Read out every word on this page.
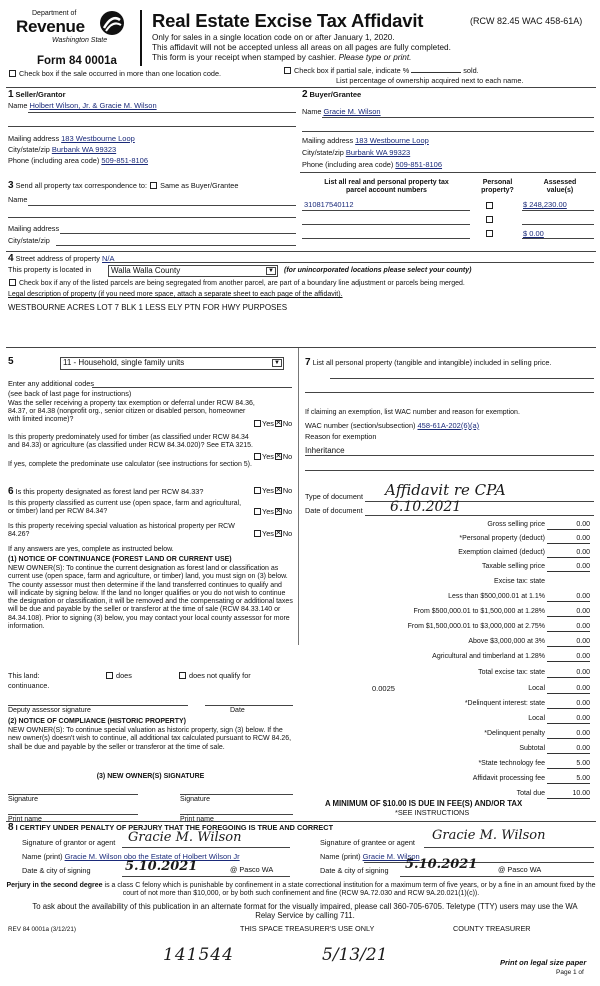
Department of
Revenue
Washington State
Form 84 0001a
Real Estate Excise Tax Affidavit	(RCW 82.45 WAC 458-61A)
Only for sales in a single location code on or after January 1, 2020.
This affidavit will not be accepted unless all areas on all pages are fully completed.
This form is your receipt when stamped by cashier. Please type or print.
Check box if the sale occurred in more than one location code.	Check box if partial sale, indicate %	sold.
List percentage of ownership acquired next to each name.
1 Seller/Grantor
Name Holbert Wilson, Jr. & Gracie M. Wilson
Mailing address 183 Westbourne Loop
City/state/zip Burbank WA 99323
Phone (including area code) 509-851-8106
2 Buyer/Grantee
Name Gracie M. Wilson
Mailing address 183 Westbourne Loop
City/state/zip Burbank WA 99323
Phone (including area code) 509-851-8106
3 Send all property tax correspondence to: Same as Buyer/Grantee
Name
Mailing address
City/state/zip
List all real and personal property tax
parcel account numbers
Personal
property?
Assessed
value(s)
310817540112	$ 248,230.00
$ 0.00
4 Street address of property N/A
This property is located in	Walla Walla County	▼ (for unincorporated locations please select your county)
Check box if any of the listed parcels are being segregated from another parcel, are part of a boundary line adjustment or parcels being merged.
Legal description of property (if you need more space, attach a separate sheet to each page of the affidavit).
WESTBOURNE ACRES LOT 7 BLK 1 LESS ELY PTN FOR HWY PURPOSES
5	11 - Household, single family units	▼
Enter any additional codes
(see back of last page for instructions)
Was the seller receiving a property tax exemption or deferral under RCW 84.36, 84.37, or 84.38 (nonprofit org., senior citizen or disabled person, homeowner with limited income)?	Yes ✕ No
Is this property predominately used for timber (as classified under RCW 84.34 and 84.33) or agriculture (as classified under RCW 84.34.020)? See ETA 3215.
Yes ✕ No
If yes, complete the predominate use calculator (see instructions for section 5).
6 Is this property designated as forest land per RCW 84.33?	Yes ✕ No
Is this property classified as current use (open space, farm and agricultural, or timber) land per RCW 84.34?	Yes ✕ No
Is this property receiving special valuation as historical property per RCW 84.26?	Yes ✕ No
If any answers are yes, complete as instructed below.
(1) NOTICE OF CONTINUANCE (FOREST LAND OR CURRENT USE)
NEW OWNER(S): To continue the current designation as forest land or classification as current use (open space, farm and agriculture, or timber) land, you must sign on (3) below. The county assessor must then determine if the land transferred continues to qualify and will indicate by signing below. If the land no longer qualifies or you do not wish to continue the designation or classification, it will be removed and the compensating or additional taxes will be due and payable by the seller or transferor at the time of sale (RCW 84.33.140 or 84.34.108). Prior to signing (3) below, you may contact your local county assessor for more information.
This land:	does	does not qualify for
continuance.
Deputy assessor signature	Date
(2) NOTICE OF COMPLIANCE (HISTORIC PROPERTY)
NEW OWNER(S): To continue special valuation as historic property, sign (3) below. If the new owner(s) doesn't wish to continue, all additional tax calculated pursuant to RCW 84.26, shall be due and payable by the seller or transferor at the time of sale.
(3) NEW OWNER(S) SIGNATURE
Signature	Signature
Print name	Print name
7 List all personal property (tangible and intangible) included in selling price.
If claiming an exemption, list WAC number and reason for exemption.
WAC number (section/subsection) 458-61A-202(6)(a)
Reason for exemption
Inheritance
Type of document Affidavit re CPA
Date of document 6.10.2021
Gross selling price	0.00
*Personal property (deduct)	0.00
Exemption claimed (deduct)	0.00
Taxable selling price	0.00
Excise tax: state
Less than $500,000.01 at 1.1%	0.00
From $500,000.01 to $1,500,000 at 1.28%	0.00
From $1,500,000.01 to $3,000,000 at 2.75%	0.00
Above $3,000,000 at 3%	0.00
Agricultural and timberland at 1.28%	0.00
Total excise tax: state	0.00
Local	0.00
*Delinquent interest: state	0.00
Local	0.00
*Delinquent penalty	0.00
Subtotal	0.00
*State technology fee	5.00
Affidavit processing fee	5.00
Total due	10.00
0.0025
A MINIMUM OF $10.00 IS DUE IN FEE(S) AND/OR TAX
*SEE INSTRUCTIONS
8 I CERTIFY UNDER PENALTY OF PERJURY THAT THE FOREGOING IS TRUE AND CORRECT
Signature of grantor or agent Gracie M. Wilson
Name (print) Gracie M. Wilson obo the Estate of Holbert Wilson Jr
Date & city of signing	5.10.2021	@ Pasco WA
Signature of grantee or agent Gracie M. Wilson
Name (print) Gracie M. Wilson
Date & city of signing 5.10.2021	@ Pasco WA
Perjury in the second degree is a class C felony which is punishable by confinement in a state correctional institution for a maximum term of five years, or by a fine in an amount fixed by the court of not more than $10,000, or by both such confinement and fine (RCW 9A.72.030 and RCW 9A.20.021(1)(c)).
To ask about the availability of this publication in an alternate format for the visually impaired, please call 360-705-6705. Teletype (TTY) users may use the WA Relay Service by calling 711.
REV 84 0001a (3/12/21)	THIS SPACE TREASURER'S USE ONLY	COUNTY TREASURER
141544	5/13/21	Print on legal size paper
Page 1 of
